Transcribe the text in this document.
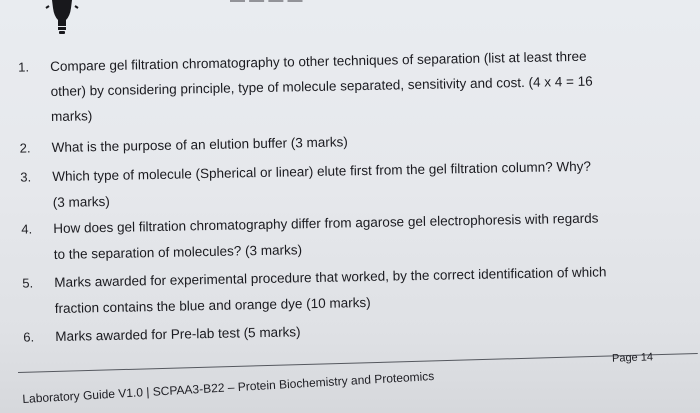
— — — —
1. Compare gel filtration chromatography to other techniques of separation (list at least three
other) by considering principle, type of molecule separated, sensitivity and cost. (4 x 4 = 16
marks)
2. What is the purpose of an elution buffer (3 marks)
3. Which type of molecule (Spherical or linear) elute first from the gel filtration column? Why?
(3 marks)
4. How does gel filtration chromatography differ from agarose gel electrophoresis with regards
to the separation of molecules? (3 marks)
5. Marks awarded for experimental procedure that worked, by the correct identification of which
fraction contains the blue and orange dye (10 marks)
6. Marks awarded for Pre-lab test (5 marks)
Page 14
Laboratory Guide V1.0 | SCPAA3-B22 – Protein Biochemistry and Proteomics
